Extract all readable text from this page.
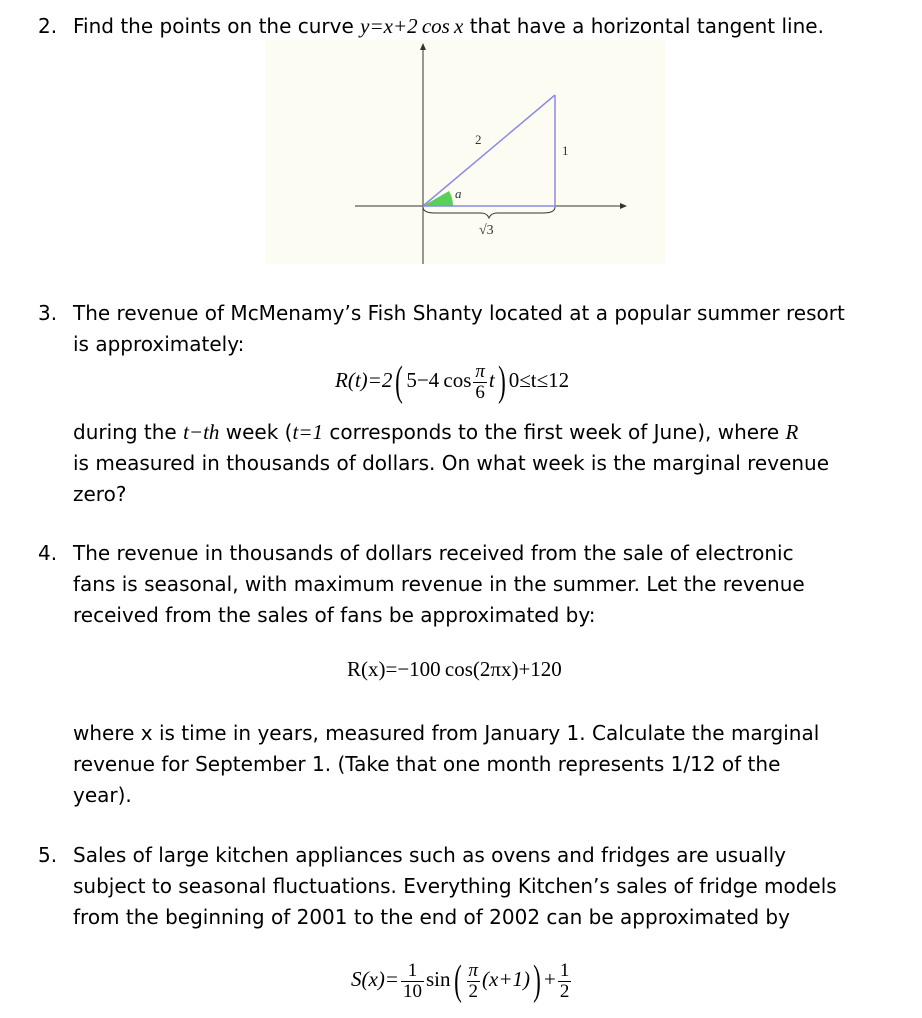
2. Find the points on the curve y=x+2 cos x that have a horizontal tangent line.
2
1
a
√3
3. The revenue of McMenamy’s Fish Shanty located at a popular summer resort
is approximately:
R(t)=2( 5−4 $\cos \frac{\pi}{6} t$) 0≤t≤12
during the t−th week (t=1 corresponds to the first week of June), where R
is measured in thousands of dollars. On what week is the marginal revenue
zero?
4. The revenue in thousands of dollars received from the sale of electronic
fans is seasonal, with maximum revenue in the summer. Let the revenue
received from the sales of fans be approximated by:
R(x)=−100 cos(2πx)+120
where x is time in years, measured from January 1. Calculate the marginal
revenue for September 1. (Take that one month represents 1/12 of the
year).
5. Sales of large kitchen appliances such as ovens and fridges are usually
subject to seasonal fluctuations. Everything Kitchen’s sales of fridge models
from the beginning of 2001 to the end of 2002 can be approximated by
$S(x)= \frac{1}{10} \sin( \frac{\pi}{2} (x+1)) + \frac{1}{2}$
